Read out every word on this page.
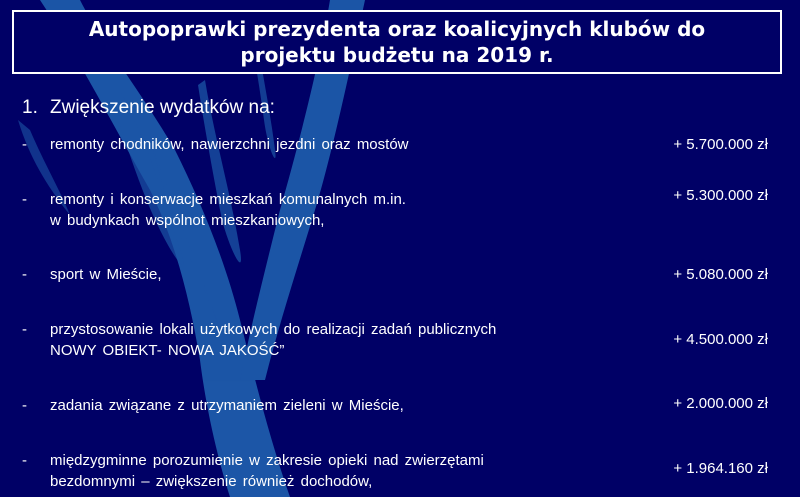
Autopoprawki prezydenta oraz koalicyjnych klubów do
projektu budżetu na 2019 r.
1. Zwiększenie wydatków na:
- remonty chodników, nawierzchni jezdni oraz mostów	+ 5.700.000 zł
- remonty i konserwacje mieszkań komunalnych m.in.
w budynkach wspólnot mieszkaniowych,
+ 5.300.000 zł
- sport w Mieście,	+ 5.080.000 zł
- przystosowanie lokali użytkowych do realizacji zadań publicznych
NOWY OBIEKT- NOWA JAKOŚĆ”
+ 4.500.000 zł
- zadania związane z utrzymaniem zieleni w Mieście,	+ 2.000.000 zł
- międzygminne porozumienie w zakresie opieki nad zwierzętami
bezdomnymi – zwiększenie również dochodów,
+ 1.964.160 zł
